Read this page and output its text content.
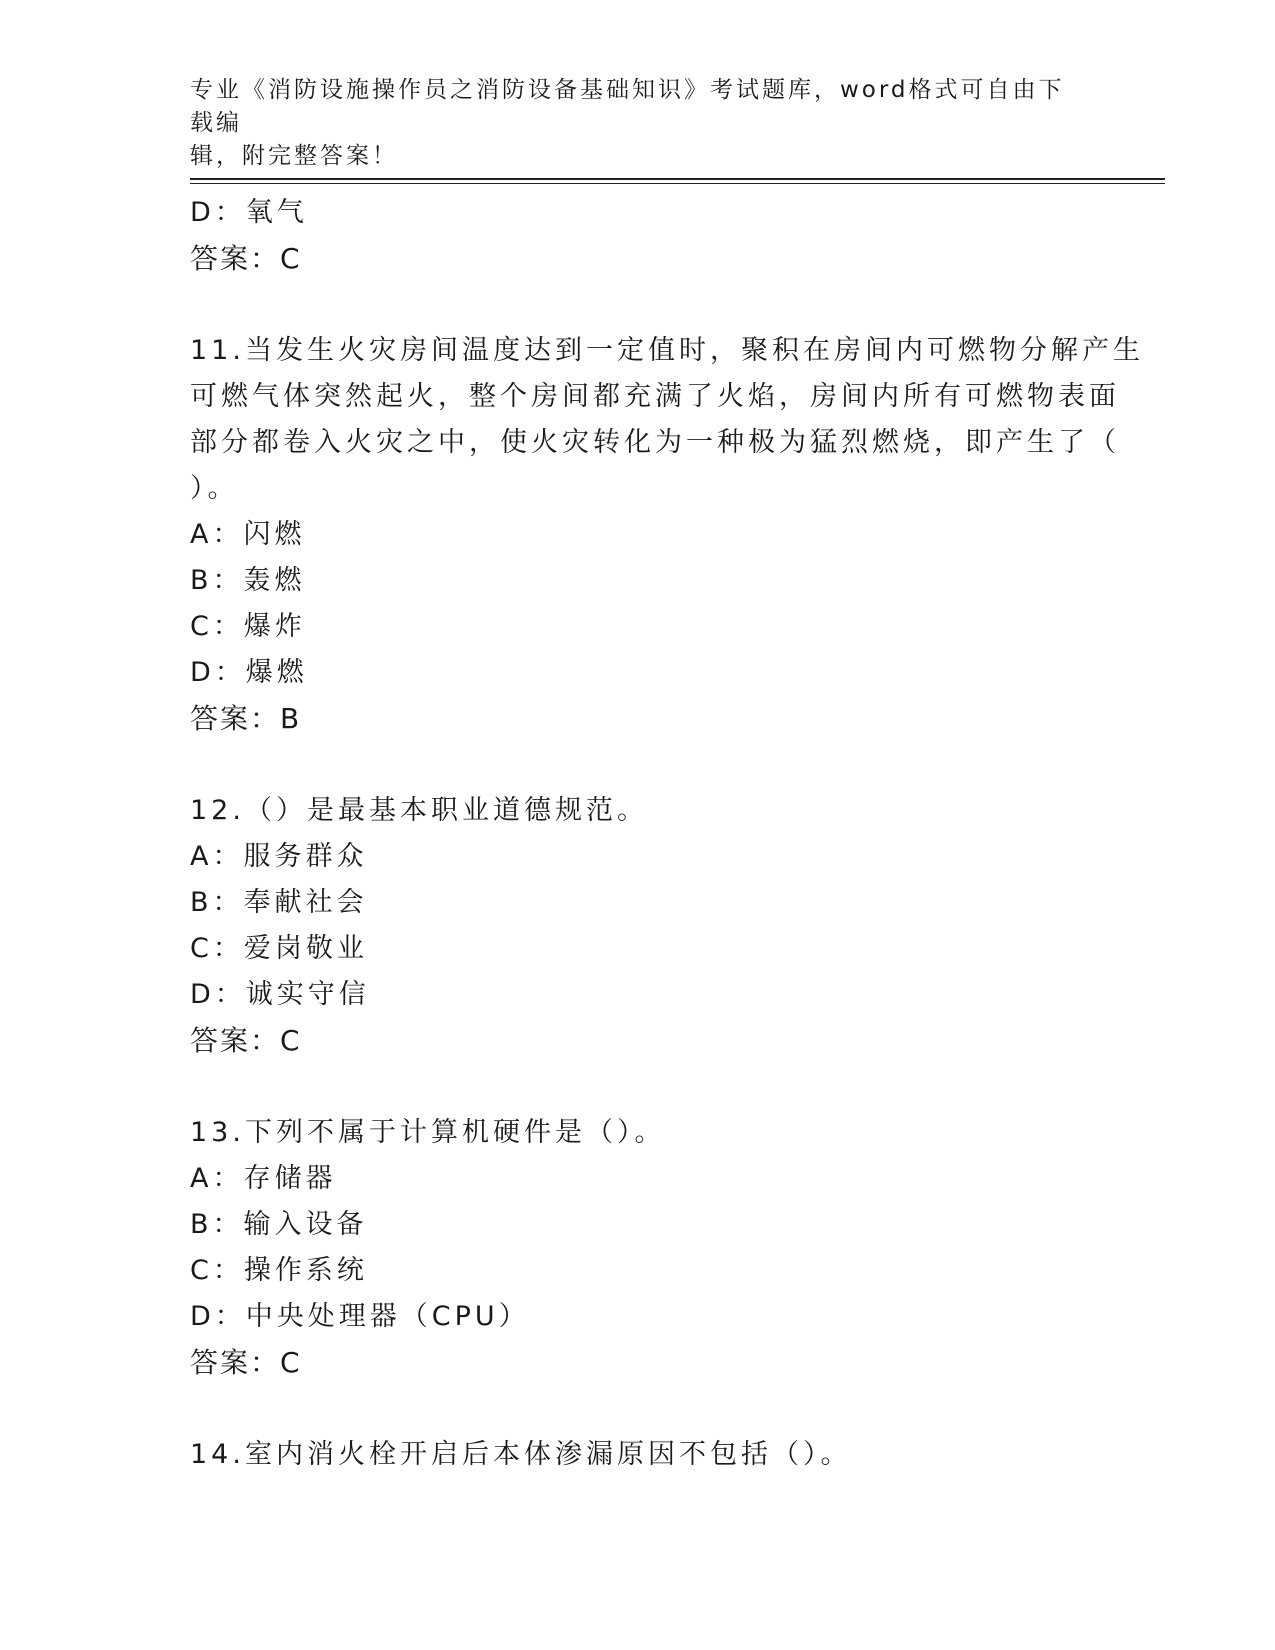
专业《消防设施操作员之消防设备基础知识》考试题库，word格式可自由下载编
辑，附完整答案！
D：氧气
答案：C
11.当发生火灾房间温度达到一定值时，聚积在房间内可燃物分解产生
可燃气体突然起火，整个房间都充满了火焰，房间内所有可燃物表面
部分都卷入火灾之中，使火灾转化为一种极为猛烈燃烧，即产生了（
）。
A：闪燃
B：轰燃
C：爆炸
D：爆燃
答案：B
12.（）是最基本职业道德规范。
A：服务群众
B：奉献社会
C：爱岗敬业
D：诚实守信
答案：C
13.下列不属于计算机硬件是（）。
A：存储器
B：输入设备
C：操作系统
D：中央处理器（CPU）
答案：C
14.室内消火栓开启后本体渗漏原因不包括（）。
